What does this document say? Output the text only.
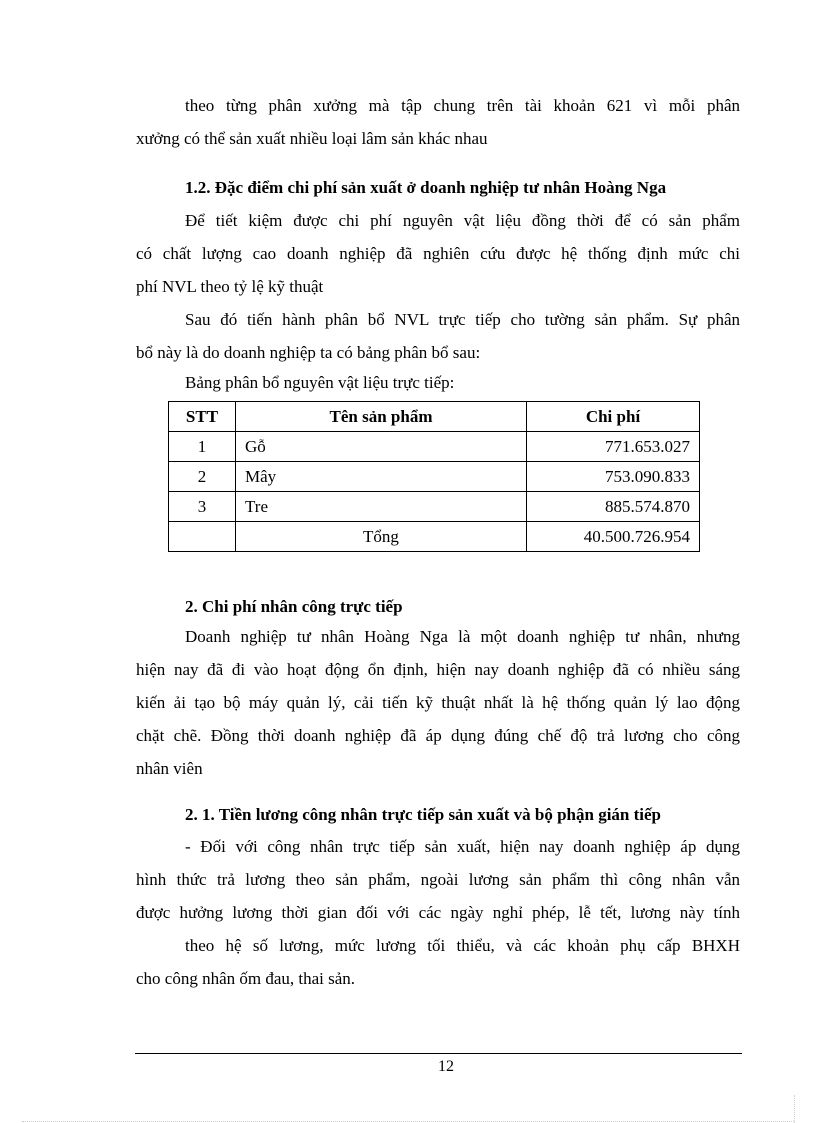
theo từng phân xưởng mà tập chung trên tài khoản 621 vì mỗi phân
xưởng có thể sản xuất nhiều loại lâm sản khác nhau
1.2. Đặc điểm chi phí sản xuất ở doanh nghiệp tư nhân Hoàng Nga
Để tiết kiệm được chi phí nguyên vật liệu đồng thời để có sản phẩm
có chất lượng cao doanh nghiệp đã nghiên cứu được hệ thống định mức chi
phí NVL theo tỷ lệ kỹ thuật
Sau đó tiến hành phân bổ NVL trực tiếp cho tường sản phẩm. Sự phân
bổ này là do doanh nghiệp ta có bảng phân bổ sau:
Bảng phân bổ nguyên vật liệu trực tiếp:
STT	Tên sản phẩm	Chi phí
1	Gỗ	771.653.027
2	Mây	753.090.833
3	Tre	885.574.870
	Tổng	40.500.726.954
2. Chi phí nhân công trực tiếp
Doanh nghiệp tư nhân Hoàng Nga là một doanh nghiệp tư nhân, nhưng
hiện nay đã đi vào hoạt động ổn định, hiện nay doanh nghiệp đã có nhiều sáng
kiến ải tạo bộ máy quản lý, cải tiến kỹ thuật nhất là hệ thống quản lý lao động
chặt chẽ. Đồng thời doanh nghiệp đã áp dụng đúng chế độ trả lương cho công
nhân viên
2. 1. Tiền lương công nhân trực tiếp sản xuất và bộ phận gián tiếp
- Đối với công nhân trực tiếp sản xuất, hiện nay doanh nghiệp áp dụng
hình thức trả lương theo sản phẩm, ngoài lương sản phẩm thì công nhân vẫn
được hưởng lương thời gian đối với các ngày nghỉ phép, lễ tết, lương này tính
theo hệ số lương, mức lương tối thiểu, và các khoản phụ cấp BHXH
cho công nhân ốm đau, thai sản.
12
